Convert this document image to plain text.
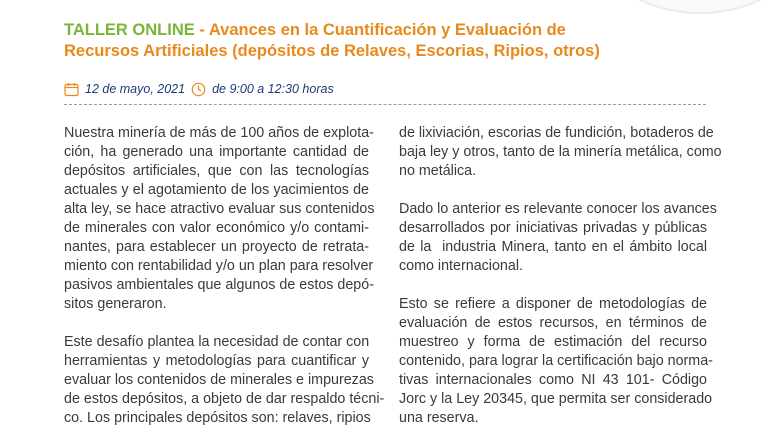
TALLER ONLINE - Avances en la Cuantificación y Evaluación de
Recursos Artificiales (depósitos de Relaves, Escorias, Ripios, otros)
12 de mayo, 2021 de 9:00 a 12:30 horas
Nuestra minería de más de 100 años de explota-
ción, ha generado una importante cantidad de
depósitos artificiales, que con las tecnologías
actuales y el agotamiento de los yacimientos de
alta ley, se hace atractivo evaluar sus contenidos
de minerales con valor económico y/o contami-
nantes, para establecer un proyecto de retrata-
miento con rentabilidad y/o un plan para resolver
pasivos ambientales que algunos de estos depó-
sitos generaron.
Este desafío plantea la necesidad de contar con
herramientas y metodologías para cuantificar y
evaluar los contenidos de minerales e impurezas
de estos depósitos, a objeto de dar respaldo técni-
co. Los principales depósitos son: relaves, ripios
de lixiviación, escorias de fundición, botaderos de
baja ley y otros, tanto de la minería metálica, como
no metálica.
Dado lo anterior es relevante conocer los avances
desarrollados por iniciativas privadas y públicas
de la  industria Minera, tanto en el ámbito local
como internacional.
Esto se refiere a disponer de metodologías de
evaluación de estos recursos, en términos de
muestreo y forma de estimación del recurso
contenido, para lograr la certificación bajo norma-
tivas internacionales como NI 43 101- Código
Jorc y la Ley 20345, que permita ser considerado
una reserva.
